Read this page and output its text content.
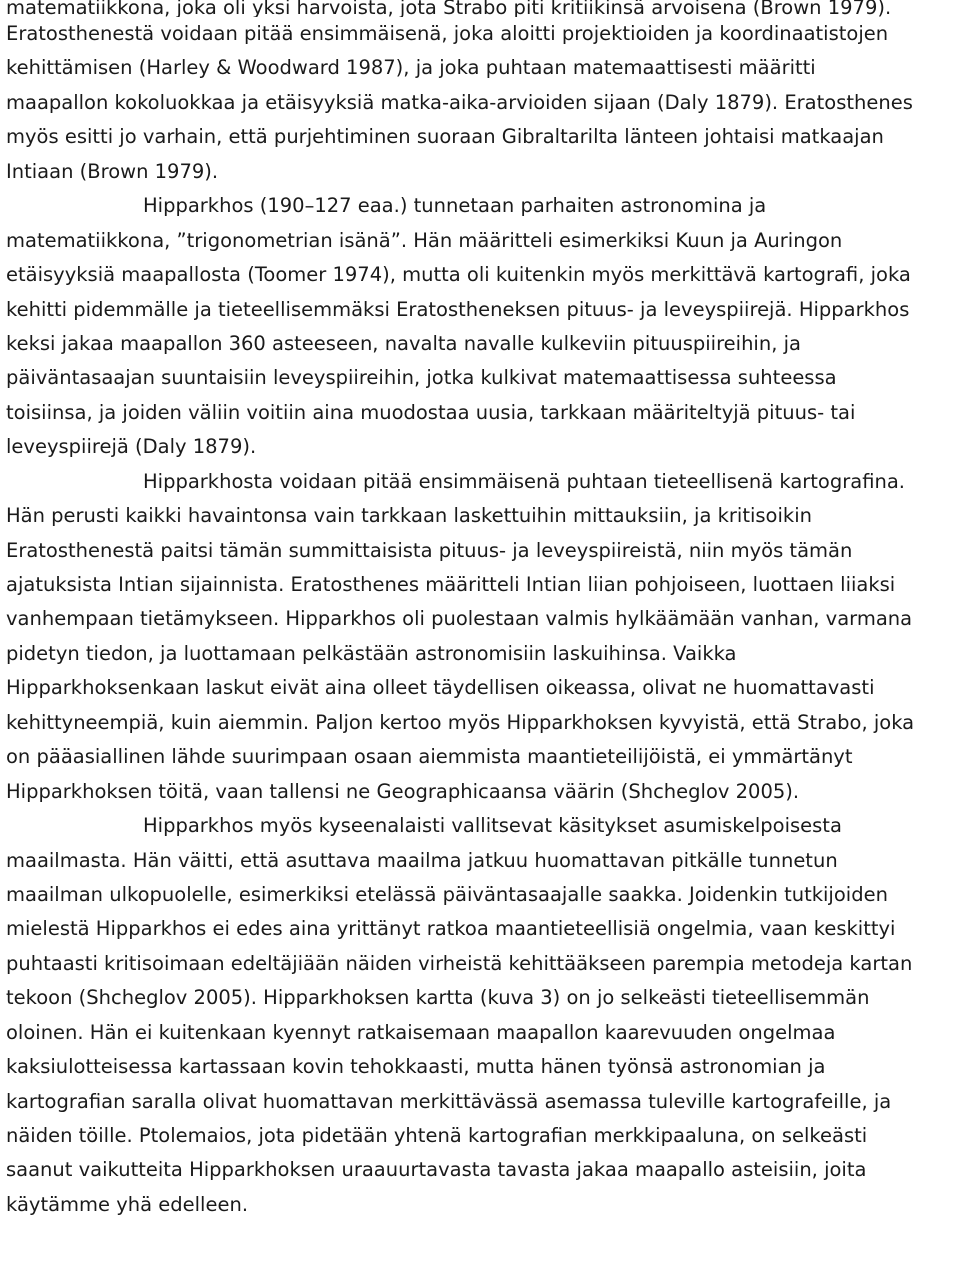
matematiikkona, joka oli yksi harvoista, jota Strabo piti kritiikinsä arvoisena (Brown 1979).
Eratosthenestä voidaan pitää ensimmäisenä, joka aloitti projektioiden ja koordinaatistojen
kehittämisen (Harley & Woodward 1987), ja joka puhtaan matemaattisesti määritti
maapallon kokoluokkaa ja etäisyyksiä matka-aika-arvioiden sijaan (Daly 1879). Eratosthenes
myös esitti jo varhain, että purjehtiminen suoraan Gibraltarilta länteen johtaisi matkaajan
Intiaan (Brown 1979).
Hipparkhos (190–127 eaa.) tunnetaan parhaiten astronomina ja
matematiikkona, ”trigonometrian isänä”. Hän määritteli esimerkiksi Kuun ja Auringon
etäisyyksiä maapallosta (Toomer 1974), mutta oli kuitenkin myös merkittävä kartografi, joka
kehitti pidemmälle ja tieteellisemmäksi Eratostheneksen pituus- ja leveyspiirejä. Hipparkhos
keksi jakaa maapallon 360 asteeseen, navalta navalle kulkeviin pituuspiireihin, ja
päiväntasaajan suuntaisiin leveyspiireihin, jotka kulkivat matemaattisessa suhteessa
toisiinsa, ja joiden väliin voitiin aina muodostaa uusia, tarkkaan määriteltyjä pituus- tai
leveyspiirejä (Daly 1879).
Hipparkhosta voidaan pitää ensimmäisenä puhtaan tieteellisenä kartografina.
Hän perusti kaikki havaintonsa vain tarkkaan laskettuihin mittauksiin, ja kritisoikin
Eratosthenestä paitsi tämän summittaisista pituus- ja leveyspiireistä, niin myös tämän
ajatuksista Intian sijainnista. Eratosthenes määritteli Intian liian pohjoiseen, luottaen liiaksi
vanhempaan tietämykseen. Hipparkhos oli puolestaan valmis hylkäämään vanhan, varmana
pidetyn tiedon, ja luottamaan pelkästään astronomisiin laskuihinsa. Vaikka
Hipparkhoksenkaan laskut eivät aina olleet täydellisen oikeassa, olivat ne huomattavasti
kehittyneempiä, kuin aiemmin. Paljon kertoo myös Hipparkhoksen kyvyistä, että Strabo, joka
on pääasiallinen lähde suurimpaan osaan aiemmista maantieteilijöistä, ei ymmärtänyt
Hipparkhoksen töitä, vaan tallensi ne Geographicaansa väärin (Shcheglov 2005).
Hipparkhos myös kyseenalaisti vallitsevat käsitykset asumiskelpoisesta
maailmasta. Hän väitti, että asuttava maailma jatkuu huomattavan pitkälle tunnetun
maailman ulkopuolelle, esimerkiksi etelässä päiväntasaajalle saakka. Joidenkin tutkijoiden
mielestä Hipparkhos ei edes aina yrittänyt ratkoa maantieteellisiä ongelmia, vaan keskittyi
puhtaasti kritisoimaan edeltäjiään näiden virheistä kehittääkseen parempia metodeja kartan
tekoon (Shcheglov 2005). Hipparkhoksen kartta (kuva 3) on jo selkeästi tieteellisemmän
oloinen. Hän ei kuitenkaan kyennyt ratkaisemaan maapallon kaarevuuden ongelmaa
kaksiulotteisessa kartassaan kovin tehokkaasti, mutta hänen työnsä astronomian ja
kartografian saralla olivat huomattavan merkittävässä asemassa tuleville kartografeille, ja
näiden töille. Ptolemaios, jota pidetään yhtenä kartografian merkkipaaluna, on selkeästi
saanut vaikutteita Hipparkhoksen uraauurtavasta tavasta jakaa maapallo asteisiin, joita
käytämme yhä edelleen.
